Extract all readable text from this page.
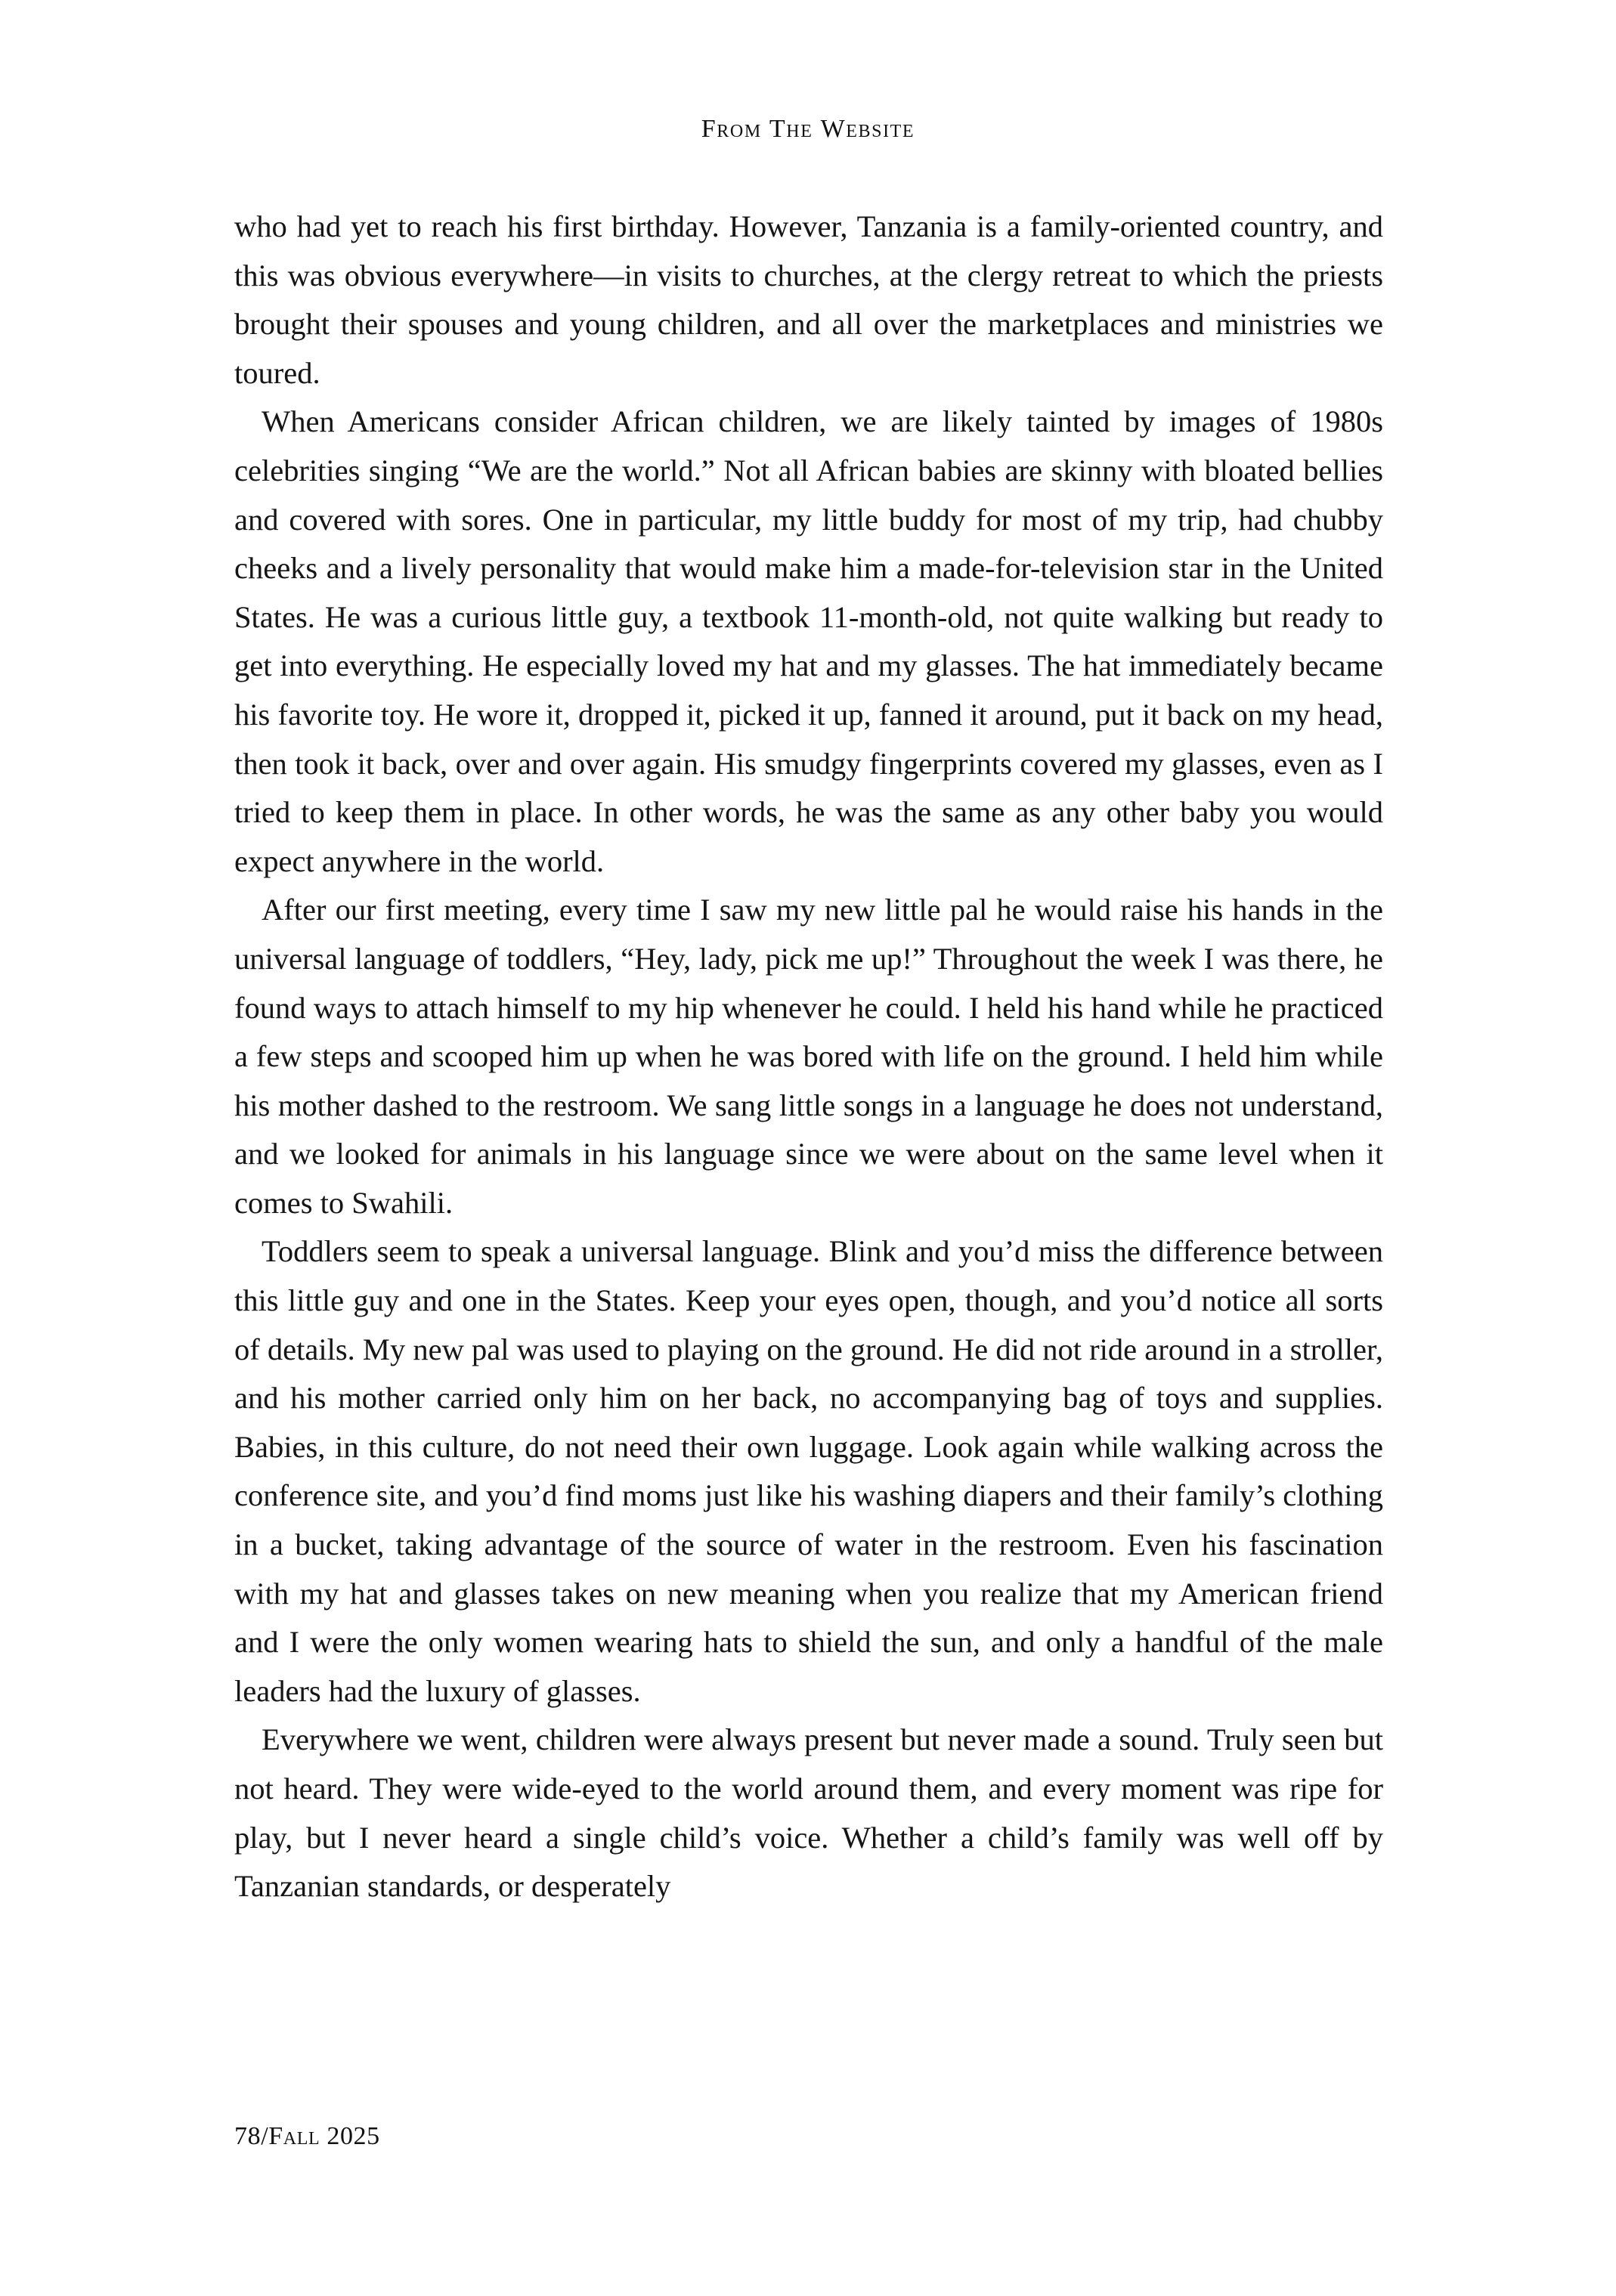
From The Website

who had yet to reach his first birthday. However, Tanzania is a family-oriented country, and this was obvious everywhere—in visits to churches, at the clergy retreat to which the priests brought their spouses and young children, and all over the marketplaces and ministries we toured.

When Americans consider African children, we are likely tainted by images of 1980s celebrities singing “We are the world.” Not all African babies are skinny with bloated bellies and covered with sores. One in particular, my little buddy for most of my trip, had chubby cheeks and a lively personality that would make him a made-for-television star in the United States. He was a curious little guy, a textbook 11-month-old, not quite walking but ready to get into everything. He especially loved my hat and my glasses. The hat immediately became his favorite toy. He wore it, dropped it, picked it up, fanned it around, put it back on my head, then took it back, over and over again. His smudgy fingerprints covered my glasses, even as I tried to keep them in place. In other words, he was the same as any other baby you would expect anywhere in the world.

After our first meeting, every time I saw my new little pal he would raise his hands in the universal language of toddlers, “Hey, lady, pick me up!” Throughout the week I was there, he found ways to attach himself to my hip whenever he could. I held his hand while he practiced a few steps and scooped him up when he was bored with life on the ground. I held him while his mother dashed to the restroom. We sang little songs in a language he does not understand, and we looked for animals in his language since we were about on the same level when it comes to Swahili.

Toddlers seem to speak a universal language. Blink and you’d miss the difference between this little guy and one in the States. Keep your eyes open, though, and you’d notice all sorts of details. My new pal was used to playing on the ground. He did not ride around in a stroller, and his mother carried only him on her back, no accompanying bag of toys and supplies. Babies, in this culture, do not need their own luggage. Look again while walking across the conference site, and you’d find moms just like his washing diapers and their family’s clothing in a bucket, taking advantage of the source of water in the restroom. Even his fascination with my hat and glasses takes on new meaning when you realize that my American friend and I were the only women wearing hats to shield the sun, and only a handful of the male leaders had the luxury of glasses.

Everywhere we went, children were always present but never made a sound. Truly seen but not heard. They were wide-eyed to the world around them, and every moment was ripe for play, but I never heard a single child’s voice. Whether a child’s family was well off by Tanzanian standards, or desperately

78/Fall 2025
